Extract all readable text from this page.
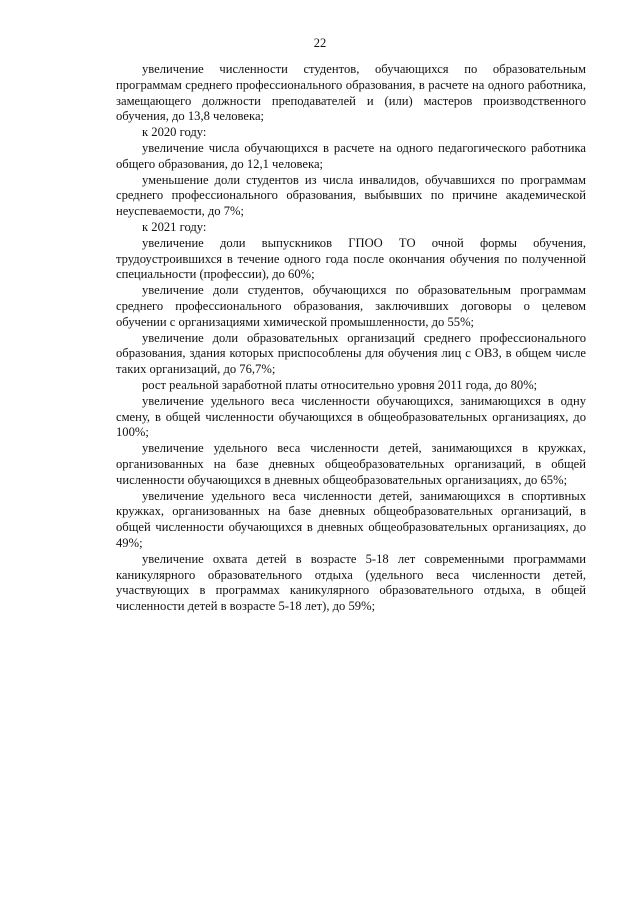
22

увеличение численности студентов, обучающихся по образовательным программам среднего профессионального образования, в расчете на одного работника, замещающего должности преподавателей и (или) мастеров производственного обучения, до 13,8 человека;

к 2020 году:

увеличение числа обучающихся в расчете на одного педагогического работника общего образования, до 12,1 человека;

уменьшение доли студентов из числа инвалидов, обучавшихся по программам среднего профессионального образования, выбывших по причине академической неуспеваемости, до 7%;

к 2021 году:

увеличение доли выпускников ГПОО ТО очной формы обучения, трудоустроившихся в течение одного года после окончания обучения по полученной специальности (профессии), до 60%;

увеличение доли студентов, обучающихся по образовательным программам среднего профессионального образования, заключивших договоры о целевом обучении с организациями химической промышленности, до 55%;

увеличение доли образовательных организаций среднего профессионального образования, здания которых приспособлены для обучения лиц с ОВЗ, в общем числе таких организаций, до 76,7%;

рост реальной заработной платы относительно уровня 2011 года, до 80%;

увеличение удельного веса численности обучающихся, занимающихся в одну смену, в общей численности обучающихся в общеобразовательных организациях, до 100%;

увеличение удельного веса численности детей, занимающихся в кружках, организованных на базе дневных общеобразовательных организаций, в общей численности обучающихся в дневных общеобразовательных организациях, до 65%;

увеличение удельного веса численности детей, занимающихся в спортивных кружках, организованных на базе дневных общеобразовательных организаций, в общей численности обучающихся в дневных общеобразовательных организациях, до 49%;

увеличение охвата детей в возрасте 5-18 лет современными программами каникулярного образовательного отдыха (удельного веса численности детей, участвующих в программах каникулярного образовательного отдыха, в общей численности детей в возрасте 5-18 лет), до 59%;
